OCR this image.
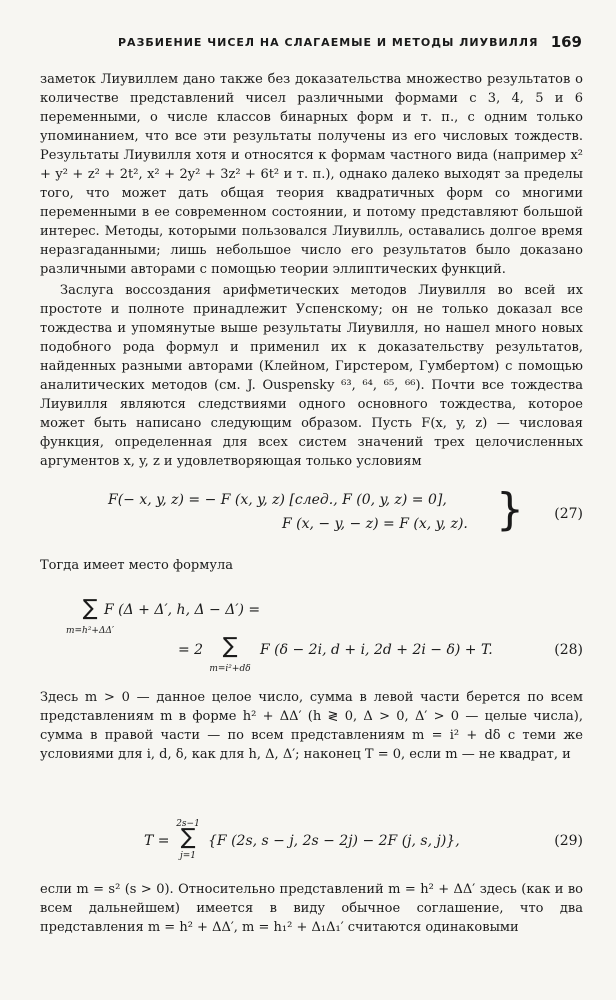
РАЗБИЕНИЕ ЧИСЕЛ НА СЛАГАЕМЫЕ И МЕТОДЫ ЛИУВИЛЛЯ 169

заметок Лиувиллем дано также без доказательства множество результатов о количестве представлений чисел различными формами с 3, 4, 5 и 6 переменными, о числе классов бинарных форм и т. п., с одним только упоминанием, что все эти результаты получены из его числовых тождеств. Результаты Лиувилля хотя и относятся к формам частного вида (например x² + y² + z² + 2t², x² + 2y² + 3z² + 6t² и т. п.), однако далеко выходят за пределы того, что может дать общая теория квадратичных форм со многими переменными в ее современном состоянии, и потому представляют большой интерес. Методы, которыми пользовался Лиувилль, оставались долгое время неразгаданными; лишь небольшое число его результатов было доказано различными авторами с помощью теории эллиптических функций.

Заслуга воссоздания арифметических методов Лиувилля во всей их простоте и полноте принадлежит Успенскому; он не только доказал все тождества и упомянутые выше результаты Лиувилля, но нашел много новых подобного рода формул и применил их к доказательству результатов, найденных разными авторами (Клейном, Гирстером, Гумбертом) с помощью аналитических методов (см. J. Ouspensky ⁶³, ⁶⁴, ⁶⁵, ⁶⁶). Почти все тождества Лиувилля являются следствиями одного основного тождества, которое может быть написано следующим образом. Пусть F(x, y, z) — числовая функция, определенная для всех систем значений трех целочисленных аргументов x, y, z и удовлетворяющая только условиям

F(− x, y, z) = − F (x, y, z) [след., F (0, y, z) = 0],
F (x, − y, − z) = F (x, y, z). } (27)
Тогда имеет место формула
∑
m=h²+ΔΔ′
F (Δ + Δ′, h, Δ − Δ′) =
= 2 ∑
m=i²+dδ
F (δ − 2i, d + i, 2d + 2i − δ) + T.	(28)
Здесь m > 0 — данное целое число, сумма в левой части берется по всем представлениям m в форме h² + ΔΔ′ (h ≷ 0, Δ > 0, Δ′ > 0 — целые числа), сумма в правой части — по всем представлениям m = i² + dδ с теми же условиями для i, d, δ, как для h, Δ, Δ′; наконец T = 0, если m — не квадрат, и
T =
2s−1
∑
j=1
{F (2s, s − j, 2s − 2j) − 2F (j, s, j)},	(29)
если m = s² (s > 0). Относительно представлений m = h² + ΔΔ′ здесь (как и во всем дальнейшем) имеется в виду обычное соглашение, что два представления m = h² + ΔΔ′, m = h₁² + Δ₁Δ₁′ считаются одинаковыми
